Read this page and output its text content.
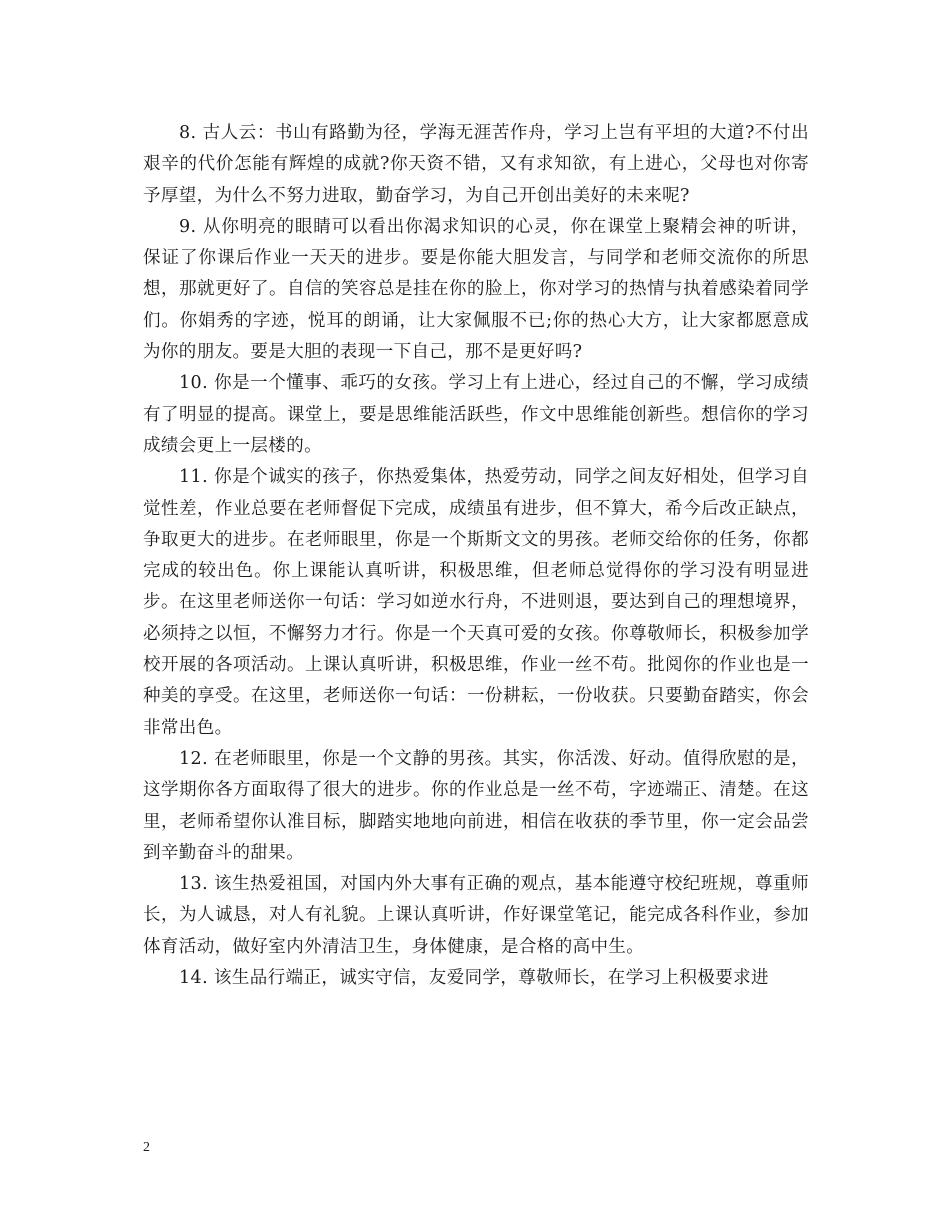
8. 古人云：书山有路勤为径，学海无涯苦作舟，学习上岂有平坦的大道?不付出艰辛的代价怎能有辉煌的成就?你天资不错，又有求知欲，有上进心，父母也对你寄予厚望，为什么不努力进取，勤奋学习，为自己开创出美好的未来呢?

9. 从你明亮的眼睛可以看出你渴求知识的心灵，你在课堂上聚精会神的听讲，保证了你课后作业一天天的进步。要是你能大胆发言，与同学和老师交流你的所思想，那就更好了。自信的笑容总是挂在你的脸上，你对学习的热情与执着感染着同学们。你娟秀的字迹，悦耳的朗诵，让大家佩服不已;你的热心大方，让大家都愿意成为你的朋友。要是大胆的表现一下自己，那不是更好吗?

10. 你是一个懂事、乖巧的女孩。学习上有上进心，经过自己的不懈，学习成绩有了明显的提高。课堂上，要是思维能活跃些，作文中思维能创新些。想信你的学习成绩会更上一层楼的。

11. 你是个诚实的孩子，你热爱集体，热爱劳动，同学之间友好相处，但学习自觉性差，作业总要在老师督促下完成，成绩虽有进步，但不算大，希今后改正缺点，争取更大的进步。在老师眼里，你是一个斯斯文文的男孩。老师交给你的任务，你都完成的较出色。你上课能认真听讲，积极思维，但老师总觉得你的学习没有明显进步。在这里老师送你一句话：学习如逆水行舟，不进则退，要达到自己的理想境界，必须持之以恒，不懈努力才行。你是一个天真可爱的女孩。你尊敬师长，积极参加学校开展的各项活动。上课认真听讲，积极思维，作业一丝不苟。批阅你的作业也是一种美的享受。在这里，老师送你一句话：一份耕耘，一份收获。只要勤奋踏实，你会非常出色。

12. 在老师眼里，你是一个文静的男孩。其实，你活泼、好动。值得欣慰的是，这学期你各方面取得了很大的进步。你的作业总是一丝不苟，字迹端正、清楚。在这里，老师希望你认准目标，脚踏实地地向前进，相信在收获的季节里，你一定会品尝到辛勤奋斗的甜果。

13. 该生热爱祖国，对国内外大事有正确的观点，基本能遵守校纪班规，尊重师长，为人诚恳，对人有礼貌。上课认真听讲，作好课堂笔记，能完成各科作业，参加体育活动，做好室内外清洁卫生，身体健康，是合格的高中生。

14. 该生品行端正，诚实守信，友爱同学，尊敬师长，在学习上积极要求进

2
